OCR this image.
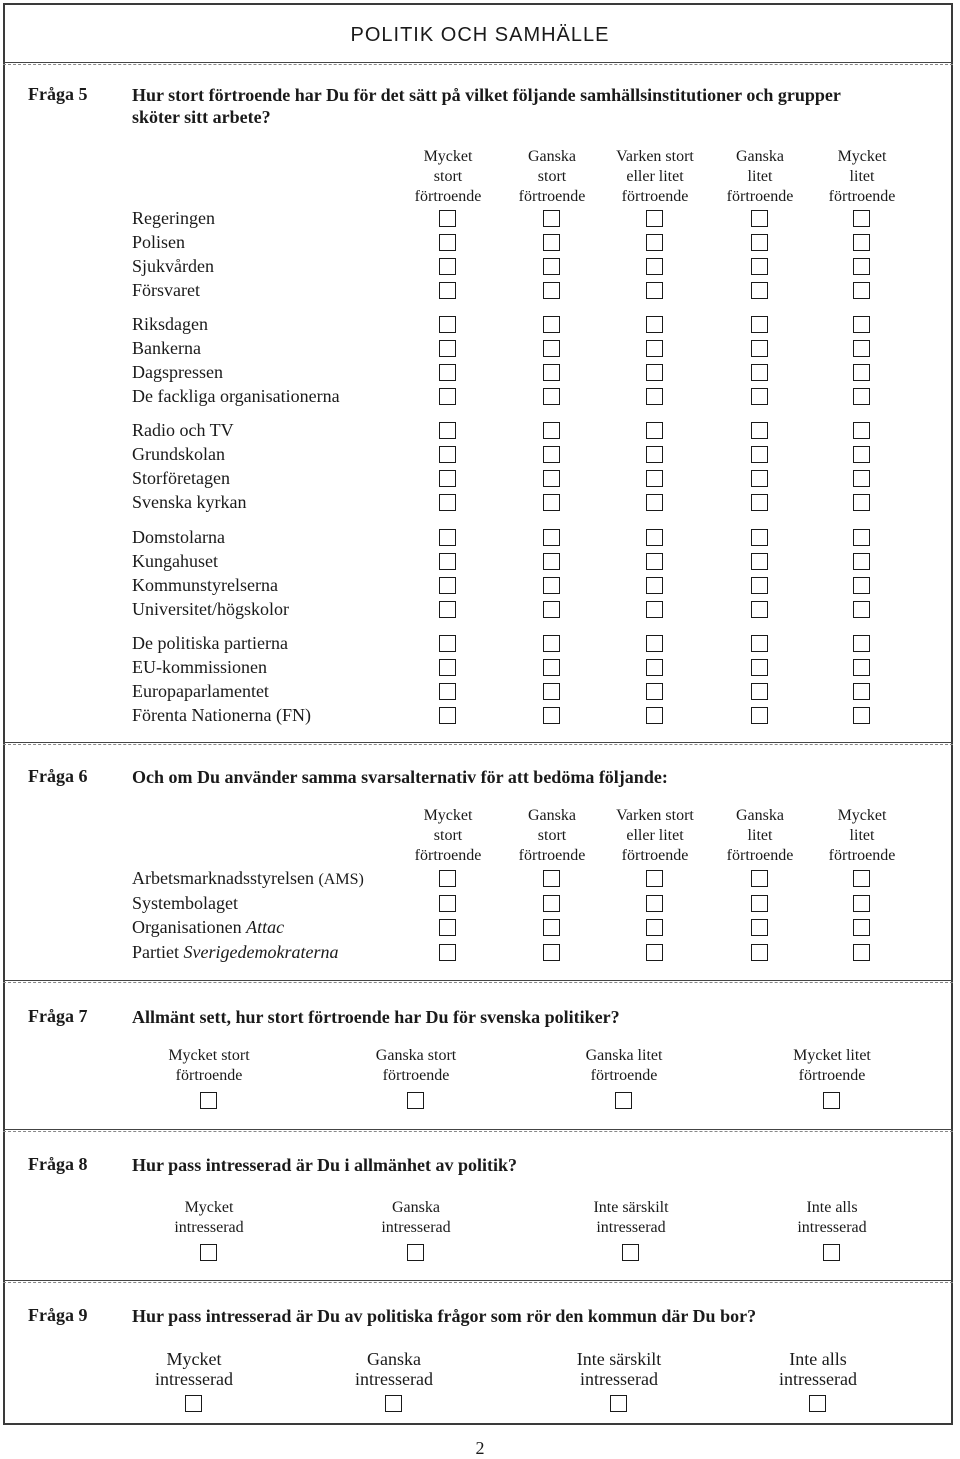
POLITIK OCH SAMHÄLLE
Fråga 5 Hur stort förtroende har Du för det sätt på vilket följande samhällsinstitutioner och grupper sköter sitt arbete?
Mycket
stort
förtroende
Ganska
stort
förtroende
Varken stort
eller litet
förtroende
Ganska
litet
förtroende
Mycket
litet
förtroende
Regeringen
Polisen
Sjukvården
Försvaret
Riksdagen
Bankerna
Dagspressen
De fackliga organisationerna
Radio och TV
Grundskolan
Storföretagen
Svenska kyrkan
Domstolarna
Kungahuset
Kommunstyrelserna
Universitet/högskolor
De politiska partierna
EU-kommissionen
Europaparlamentet
Förenta Nationerna (FN)
Fråga 6 Och om Du använder samma svarsalternativ för att bedöma följande:
Mycket
stort
förtroende
Ganska
stort
förtroende
Varken stort
eller litet
förtroende
Ganska
litet
förtroende
Mycket
litet
förtroende
Arbetsmarknadsstyrelsen (AMS)
Systembolaget
Organisationen Attac
Partiet Sverigedemokraterna
Fråga 7 Allmänt sett, hur stort förtroende har Du för svenska politiker?
Mycket stort
förtroende
Ganska stort
förtroende
Ganska litet
förtroende
Mycket litet
förtroende
Fråga 8 Hur pass intresserad är Du i allmänhet av politik?
Mycket
intresserad
Ganska
intresserad
Inte särskilt
intresserad
Inte alls
intresserad
Fråga 9 Hur pass intresserad är Du av politiska frågor som rör den kommun där Du bor?
Mycket
intresserad
Ganska
intresserad
Inte särskilt
intresserad
Inte alls
intresserad
2
